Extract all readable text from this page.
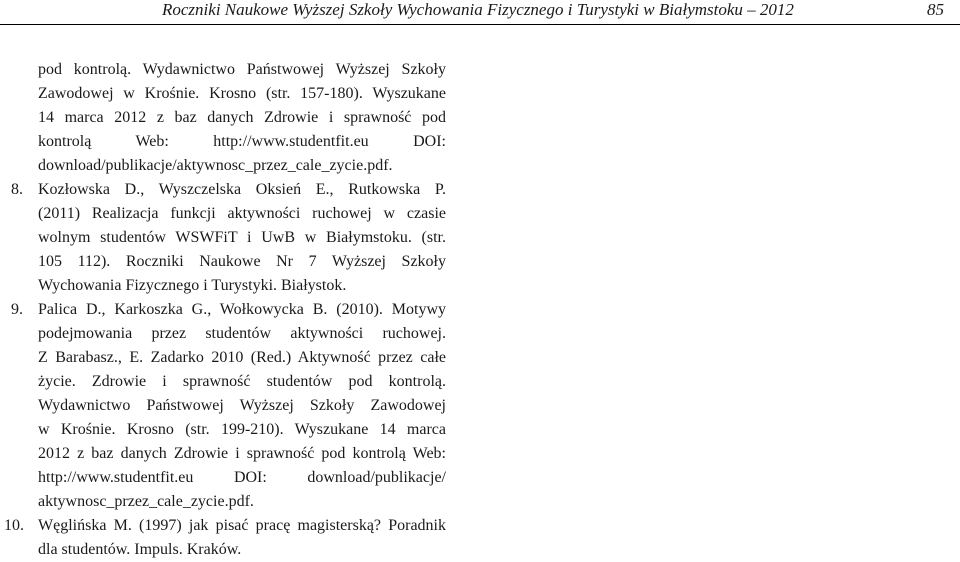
Roczniki Naukowe Wyższej Szkoły Wychowania Fizycznego i Turystyki w Białymstoku – 2012	85
pod kontrolą. Wydawnictwo Państwowej Wyższej Szkoły
Zawodowej w Krośnie. Krosno (str. 157-180). Wyszukane
14 marca 2012 z baz danych Zdrowie i sprawność pod
kontrolą Web: http://www.studentfit.eu DOI:
download/publikacje/aktywnosc_przez_cale_zycie.pdf.
8. Kozłowska D., Wyszczelska Oksień E., Rutkowska P.
(2011) Realizacja funkcji aktywności ruchowej w czasie
wolnym studentów WSWFiT i UwB w Białymstoku. (str.
105 112). Roczniki Naukowe Nr 7 Wyższej Szkoły
Wychowania Fizycznego i Turystyki. Białystok.
9. Palica D., Karkoszka G., Wołkowycka B. (2010). Motywy
podejmowania przez studentów aktywności ruchowej.
Z Barabasz., E. Zadarko 2010 (Red.) Aktywność przez całe
życie. Zdrowie i sprawność studentów pod kontrolą.
Wydawnictwo Państwowej Wyższej Szkoły Zawodowej
w Krośnie. Krosno (str. 199-210). Wyszukane 14 marca
2012 z baz danych Zdrowie i sprawność pod kontrolą Web:
http://www.studentfit.eu DOI: download/publikacje/
aktywnosc_przez_cale_zycie.pdf.
10. Węglińska M. (1997) jak pisać pracę magisterską? Poradnik
dla studentów. Impuls. Kraków.
